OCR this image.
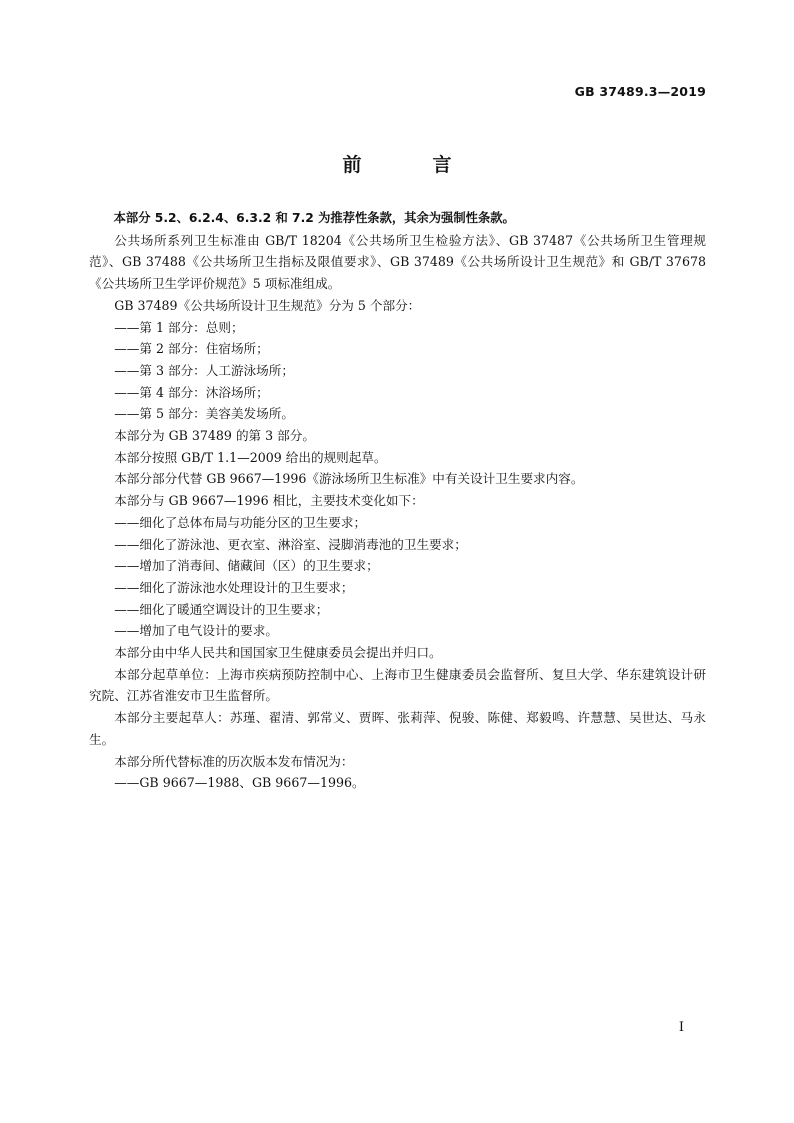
GB 37489.3—2019
前　言

本部分 5.2、6.2.4、6.3.2 和 7.2 为推荐性条款，其余为强制性条款。

公共场所系列卫生标准由 GB/T 18204《公共场所卫生检验方法》、GB 37487《公共场所卫生管理规范》、GB 37488《公共场所卫生指标及限值要求》、GB 37489《公共场所设计卫生规范》和 GB/T 37678《公共场所卫生学评价规范》5 项标准组成。

GB 37489《公共场所设计卫生规范》分为 5 个部分：

——第 1 部分：总则；

——第 2 部分：住宿场所；

——第 3 部分：人工游泳场所；

——第 4 部分：沐浴场所；

——第 5 部分：美容美发场所。

本部分为 GB 37489 的第 3 部分。

本部分按照 GB/T 1.1—2009 给出的规则起草。

本部分部分代替 GB 9667—1996《游泳场所卫生标准》中有关设计卫生要求内容。

本部分与 GB 9667—1996 相比，主要技术变化如下：

——细化了总体布局与功能分区的卫生要求；

——细化了游泳池、更衣室、淋浴室、浸脚消毒池的卫生要求；

——增加了消毒间、储藏间（区）的卫生要求；

——细化了游泳池水处理设计的卫生要求；

——细化了暖通空调设计的卫生要求；

——增加了电气设计的要求。

本部分由中华人民共和国国家卫生健康委员会提出并归口。

本部分起草单位：上海市疾病预防控制中心、上海市卫生健康委员会监督所、复旦大学、华东建筑设计研究院、江苏省淮安市卫生监督所。

本部分主要起草人：苏瑾、翟清、郭常义、贾晖、张莉萍、倪骏、陈健、郑毅鸣、许慧慧、吴世达、马永生。

本部分所代替标准的历次版本发布情况为：

——GB 9667—1988、GB 9667—1996。

I
